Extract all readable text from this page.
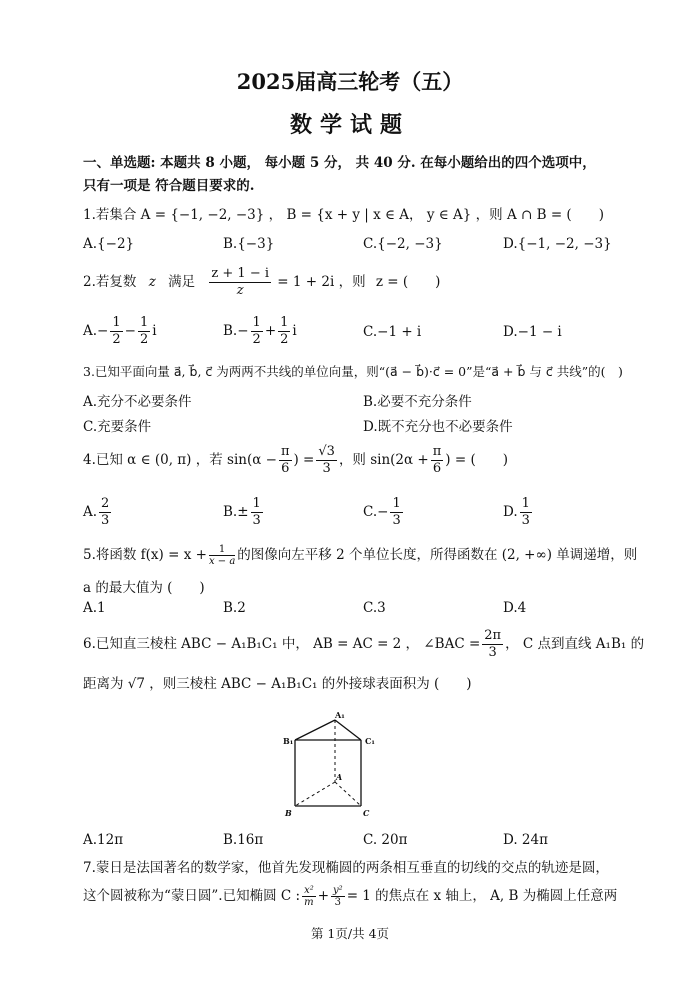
2025届高三轮考（五）
数学试题
一、单选题: 本题共 8 小题， 每小题 5 分， 共 40 分. 在每小题给出的四个选项中，
只有一项是 符合题目要求的.
1.若集合 A = {−1, −2, −3} ， B = {x + y | x ∈ A， y ∈ A} ，则 A ∩ B = (　　)
A.{−2}	B.{−3}	C.{−2, −3}	D.{−1, −2, −3}
2.若复数 z 满足 $\frac{z + 1 - i}{z} = 1 + 2i$ ，则 z = (　　)
$A.- \frac{1}{2} - \frac{1}{2}$ i	$B.- \frac{1}{2} + \frac{1}{2}$ i	C.−1 + i	D.−1 − i
3.已知平面向量 a⃗, b⃗, c⃗ 为两两不共线的单位向量，则“(a⃗ − b⃗)·c⃗ = 0”是“a⃗ + b⃗ 与 c⃗ 共线”的(　)
A.充分不必要条件	B.必要不充分条件
C.充要条件	D.既不充分也不必要条件
4.已知 α ∈ (0, π) ，若 $\sin(\alpha - \frac{\pi}{6}$ ) = $\frac{√3}{3}$ ，则 $\sin(2\alpha + \frac{\pi}{6}$ ) = (　　)
A. $\frac{2}{3}$	$B.\pm \frac{1}{3}$	$C.- \frac{1}{3}$	D. $\frac{1}{3}$
5.将函数 $f(x) = x + \frac{1}{x - a}$ 的图像向左平移 2 个单位长度，所得函数在 (2, +∞) 单调递增，则
a 的最大值为 (　　)
A.1	B.2	C.3	D.4
6.已知直三棱柱 ABC − A₁B₁C₁ 中， AB = AC = 2 ， ∠BAC = $\frac{2\pi}{3}$ ， C 点到直线 A₁B₁ 的
距离为 √7 ，则三棱柱 ABC − A₁B₁C₁ 的外接球表面积为 (　　)
A₁
B₁	C₁
A
B	C
A.12π	B.16π	C. 20π	D. 24π
7.蒙日是法国著名的数学家，他首先发现椭圆的两条相互垂直的切线的交点的轨迹是圆，
这个圆被称为“蒙日圆”.已知椭圆 C : $\frac{\text{x²}}{m} + \frac{\text{y²}}{3} = 1$ 的焦点在 x 轴上， A, B 为椭圆上任意两
第 1页/共 4页
